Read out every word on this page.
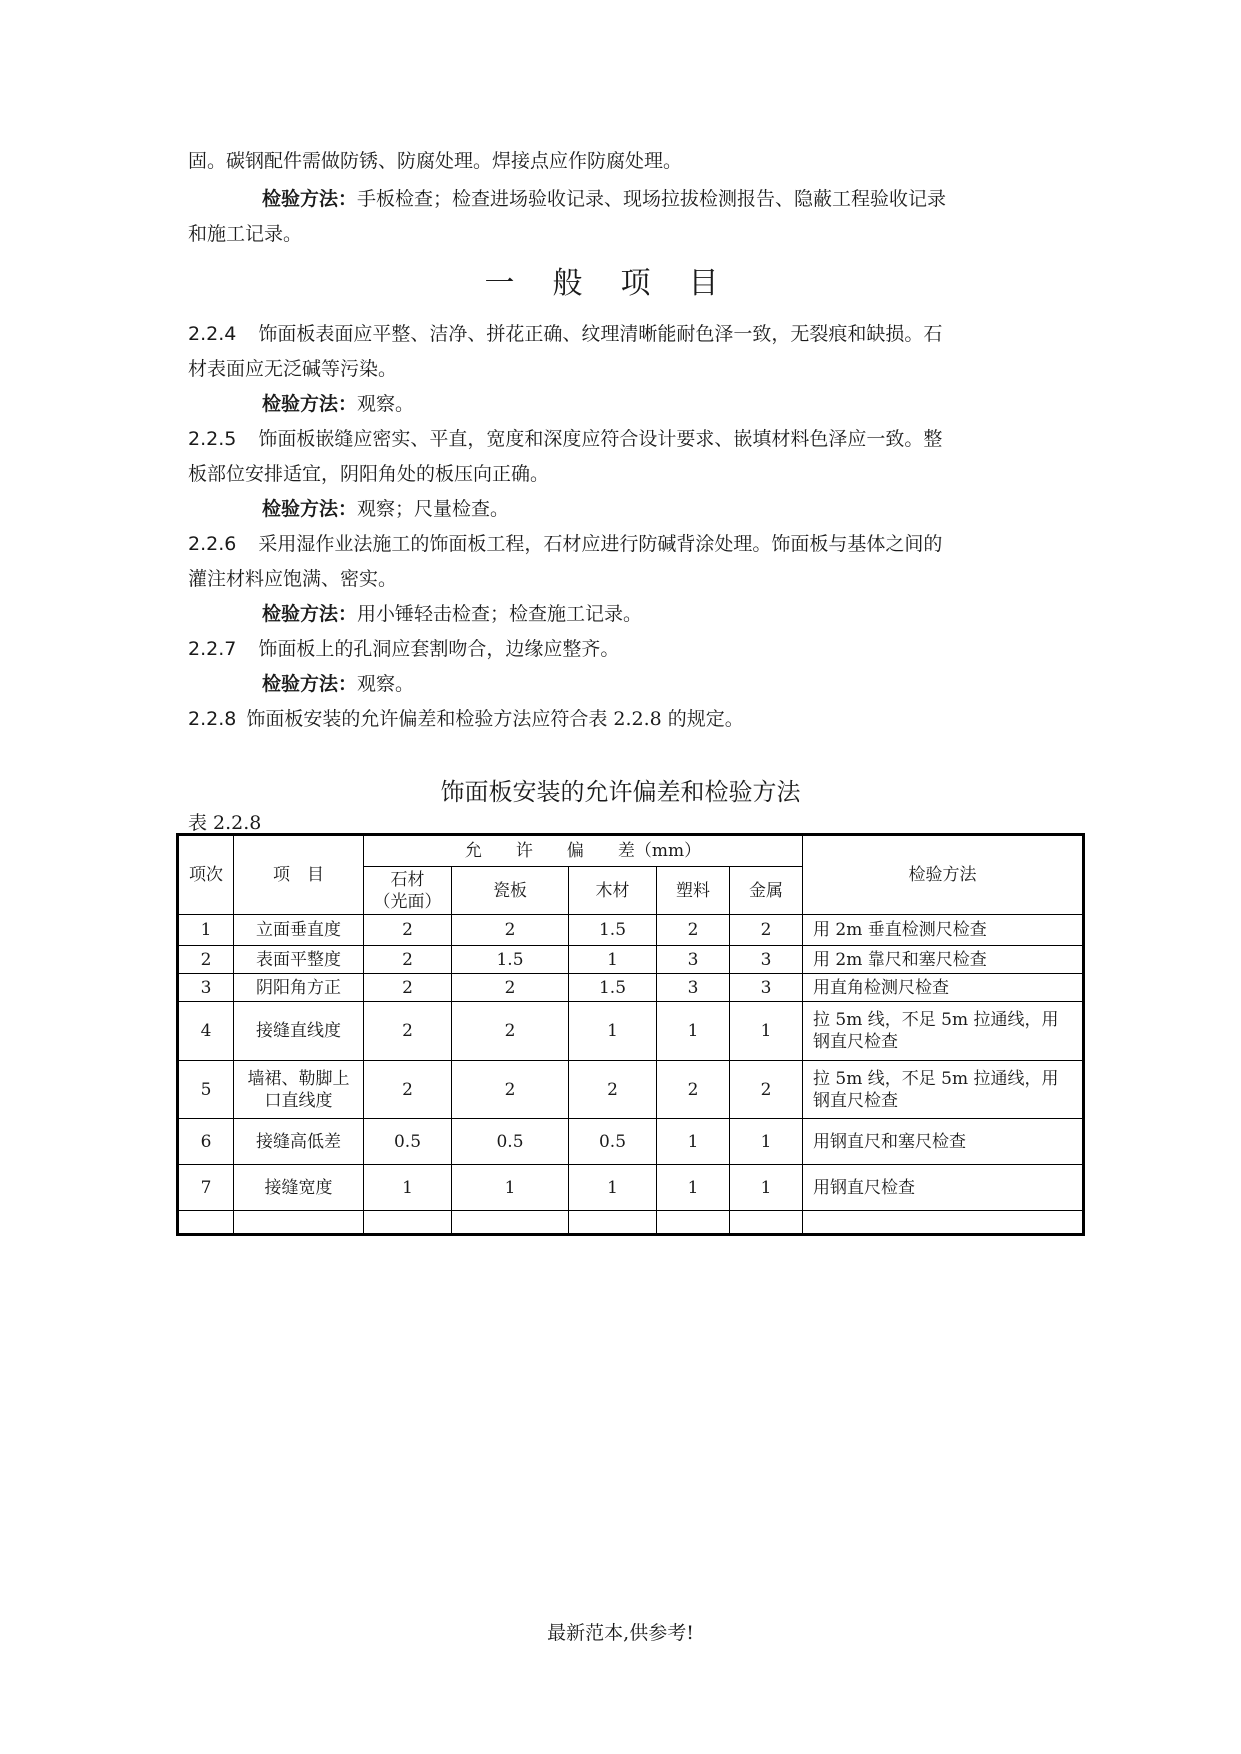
固。碳钢配件需做防锈、防腐处理。焊接点应作防腐处理。
检验方法：手板检查；检查进场验收记录、现场拉拔检测报告、隐蔽工程验收记录
和施工记录。
一般项目
2.2.4 饰面板表面应平整、洁净、拼花正确、纹理清晰能耐色泽一致，无裂痕和缺损。石
材表面应无泛碱等污染。
检验方法：观察。
2.2.5 饰面板嵌缝应密实、平直，宽度和深度应符合设计要求、嵌填材料色泽应一致。整
板部位安排适宜，阴阳角处的板压向正确。
检验方法：观察；尺量检查。
2.2.6 采用湿作业法施工的饰面板工程，石材应进行防碱背涂处理。饰面板与基体之间的
灌注材料应饱满、密实。
检验方法：用小锤轻击检查；检查施工记录。
2.2.7 饰面板上的孔洞应套割吻合，边缘应整齐。
检验方法：观察。
2.2.8 饰面板安装的允许偏差和检验方法应符合表 2.2.8 的规定。
饰面板安装的允许偏差和检验方法
表 2.2.8
项次	项　目	允　　许　　偏　　差（mm）					检验方法
		石材
（光面）	瓷板	木材	塑料	金属	
1	立面垂直度	2	2	1.5	2	2	用 2m 垂直检测尺检查
2	表面平整度	2	1.5	1	3	3	用 2m 靠尺和塞尺检查
3	阴阳角方正	2	2	1.5	3	3	用直角检测尺检查
4	接缝直线度	2	2	1	1	1	拉 5m 线，不足 5m 拉通线，用
钢直尺检查
5	墙裙、勒脚上
口直线度	2	2	2	2	2	拉 5m 线，不足 5m 拉通线，用
钢直尺检查
6	接缝高低差	0.5	0.5	0.5	1	1	用钢直尺和塞尺检查
7	接缝宽度	1	1	1	1	1	用钢直尺检查

最新范本,供参考!
